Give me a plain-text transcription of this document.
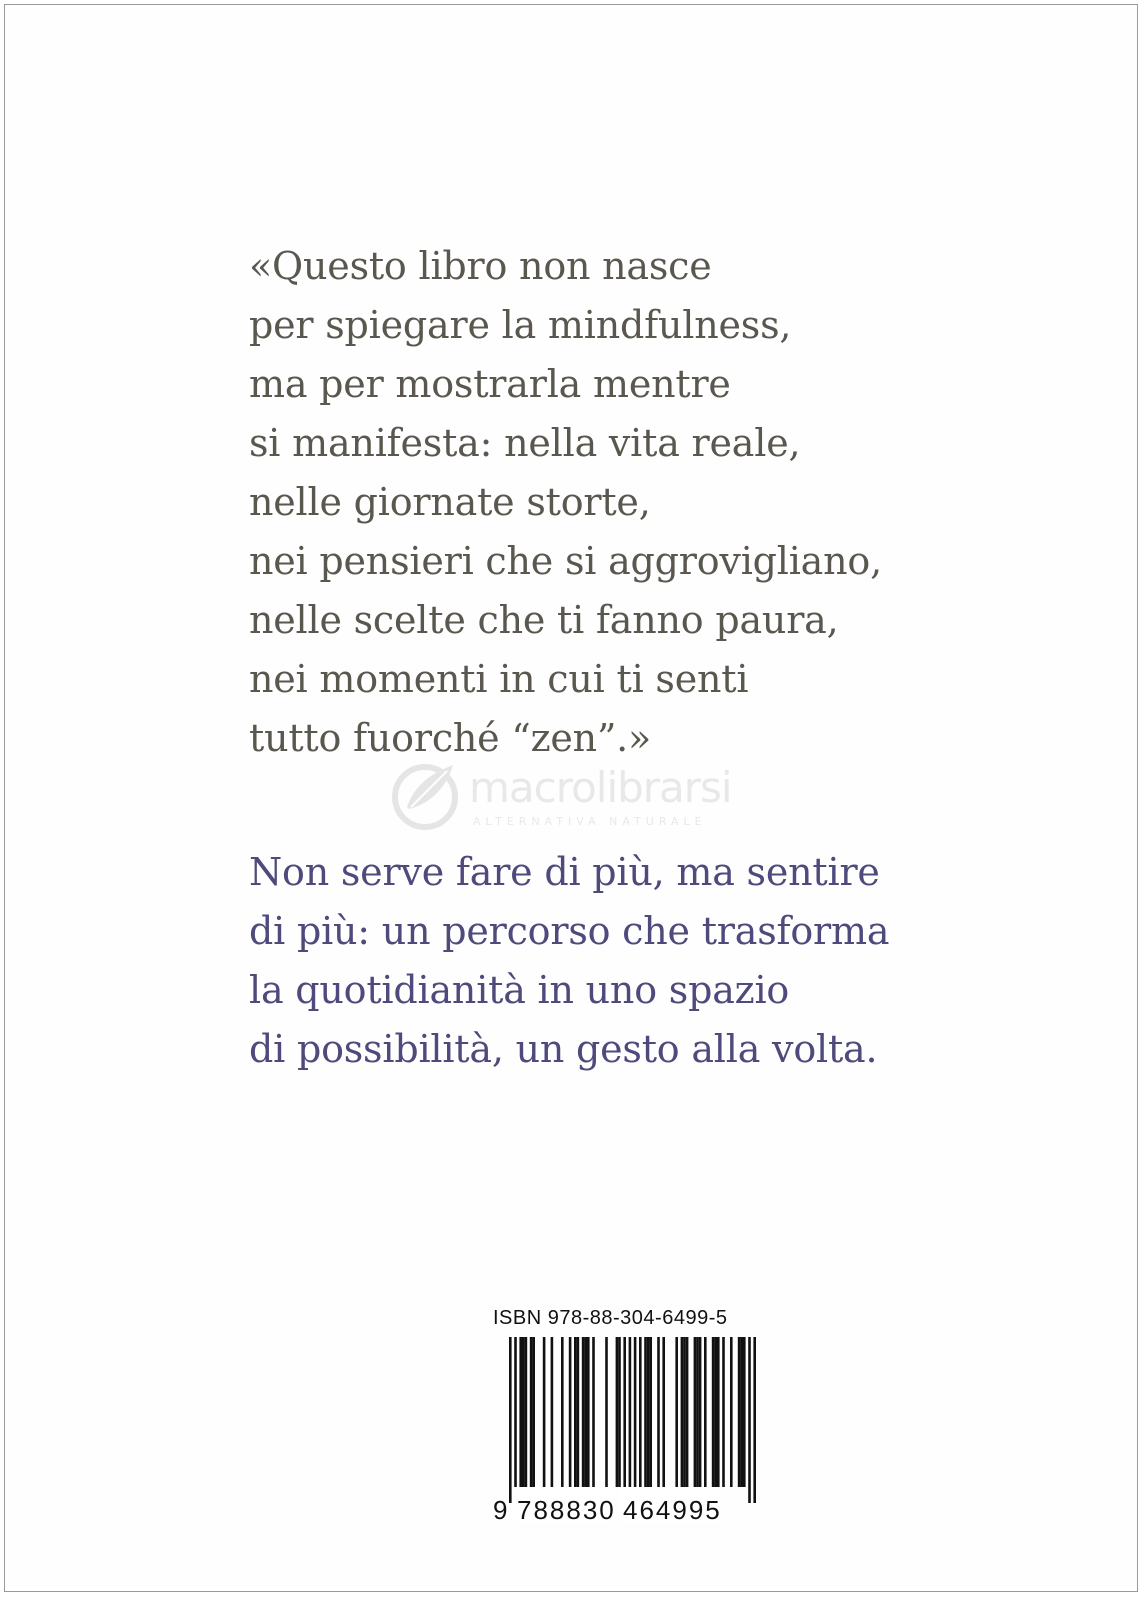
«Questo libro non nasce
per spiegare la mindfulness,
ma per mostrarla mentre
si manifesta: nella vita reale,
nelle giornate storte,
nei pensieri che si aggrovigliano,
nelle scelte che ti fanno paura,
nei momenti in cui ti senti
tutto fuorché “zen”.»
macrolibrarsi
ALTERNATIVA NATURALE
Non serve fare di più, ma sentire
di più: un percorso che trasforma
la quotidianità in uno spazio
di possibilità, un gesto alla volta.
ISBN 978-88-304-6499-5
9 788830 464995
